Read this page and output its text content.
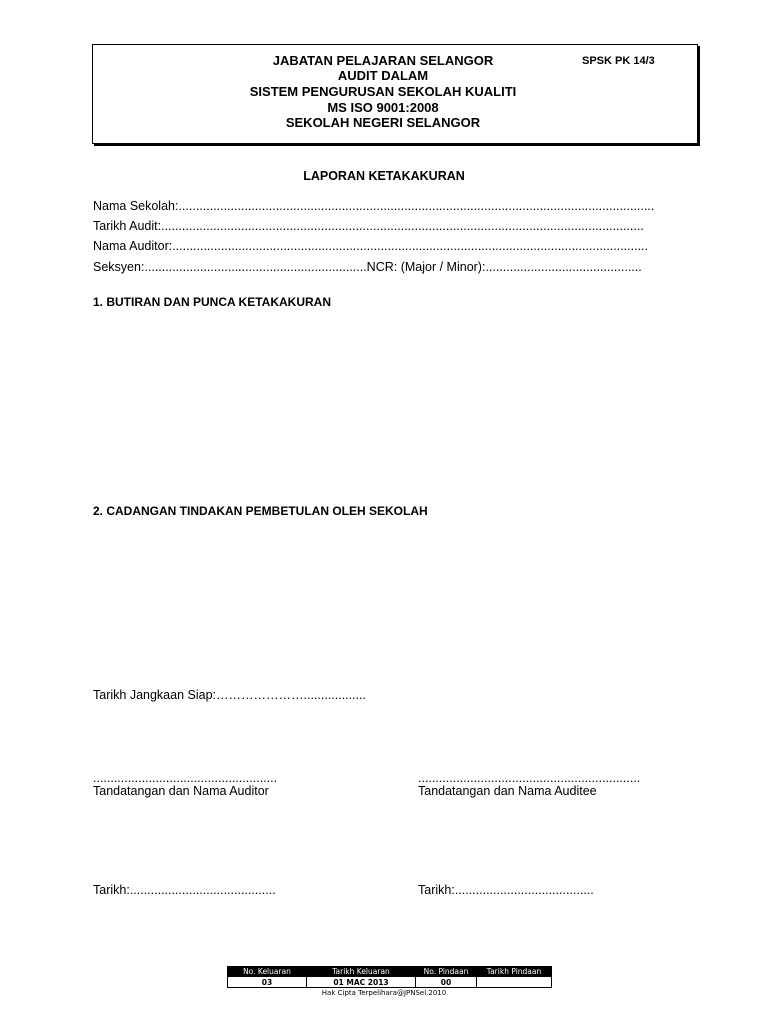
JABATAN PELAJARAN SELANGOR
AUDIT DALAM
SISTEM PENGURUSAN SEKOLAH KUALITI
MS ISO 9001:2008
SEKOLAH NEGERI SELANGOR
SPSK PK 14/3
LAPORAN KETAKAKURAN
Nama Sekolah:.........................................................................................................................................
Tarikh Audit:...........................................................................................................................................
Nama Auditor:.........................................................................................................................................
Seksyen:................................................................NCR: (Major / Minor):.............................................
1. BUTIRAN DAN PUNCA KETAKAKURAN
2. CADANGAN TINDAKAN PEMBETULAN OLEH SEKOLAH
Tarikh Jangkaan Siap:…………………..................
.....................................................
Tandatangan dan Nama Auditor
................................................................
Tandatangan dan Nama Auditee
Tarikh:..........................................	Tarikh:........................................
No. Keluaran	Tarikh Keluaran	No. Pindaan	Tarikh Pindaan
03	01 MAC 2013	00	
Hak Cipta Terpelihara@JPNSel.2010
